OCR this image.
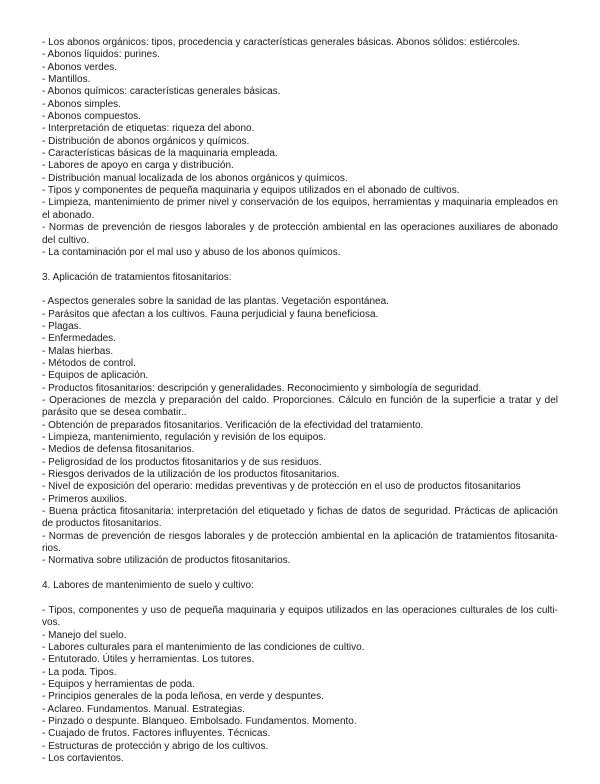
- Los abonos orgánicos: tipos, procedencia y características generales básicas. Abonos sólidos: estiércoles.
- Abonos líquidos: purines.
- Abonos verdes.
- Mantillos.
- Abonos químicos: características generales básicas.
- Abonos simples.
- Abonos compuestos.
- Interpretación de etiquetas: riqueza del abono.
- Distribución de abonos orgánicos y químicos.
- Características básicas de la maquinaria empleada.
- Labores de apoyo en carga y distribución.
- Distribución manual localizada de los abonos orgánicos y químicos.
- Tipos y componentes de pequeña maquinaria y equipos utilizados en el abonado de cultivos.
- Limpieza, mantenimiento de primer nivel y conservación de los equipos, herramientas y maquinaria empleados en
el abonado.
- Normas de prevención de riesgos laborales y de protección ambiental en las operaciones auxiliares de abonado
del cultivo.
- La contaminación por el mal uso y abuso de los abonos químicos.
3. Aplicación de tratamientos fitosanitarios:
- Aspectos generales sobre la sanidad de las plantas. Vegetación espontánea.
- Parásitos que afectan a los cultivos. Fauna perjudicial y fauna beneficiosa.
- Plagas.
- Enfermedades.
- Malas hierbas.
- Métodos de control.
- Equipos de aplicación.
- Productos fitosanitarios: descripción y generalidades. Reconocimiento y simbología de seguridad.
- Operaciones de mezcla y preparación del caldo. Proporciones. Cálculo en función de la superficie a tratar y del
parásito que se desea combatir..
- Obtención de preparados fitosanitarios. Verificación de la efectividad del tratamiento.
- Limpieza, mantenimiento, regulación y revisión de los equipos.
- Medios de defensa fitosanitarios.
- Peligrosidad de los productos fitosanitarios y de sus residuos.
- Riesgos derivados de la utilización de los productos fitosanitarios.
- Nivel de exposición del operario: medidas preventivas y de protección en el uso de productos fitosanitarios
- Primeros auxilios.
- Buena práctica fitosanitaria: interpretación del etiquetado y fichas de datos de seguridad. Prácticas de aplicación
de productos fitosanitarios.
- Normas de prevención de riesgos laborales y de protección ambiental en la aplicación de tratamientos fitosanita-
rios.
- Normativa sobre utilización de productos fitosanitarios.
4. Labores de mantenimiento de suelo y cultivo:
- Tipos, componentes y uso de pequeña maquinaria y equipos utilizados en las operaciones culturales de los culti-
vos.
- Manejo del suelo.
- Labores culturales para el mantenimiento de las condiciones de cultivo.
- Entutorado. Útiles y herramientas. Los tutores.
- La poda. Tipos.
- Equipos y herramientas de poda.
- Principios generales de la poda leñosa, en verde y despuntes.
- Aclareo. Fundamentos. Manual. Estrategias.
- Pinzado o despunte. Blanqueo. Embolsado. Fundamentos. Momento.
- Cuajado de frutos. Factores influyentes. Técnicas.
- Estructuras de protección y abrigo de los cultivos.
- Los cortavientos.
